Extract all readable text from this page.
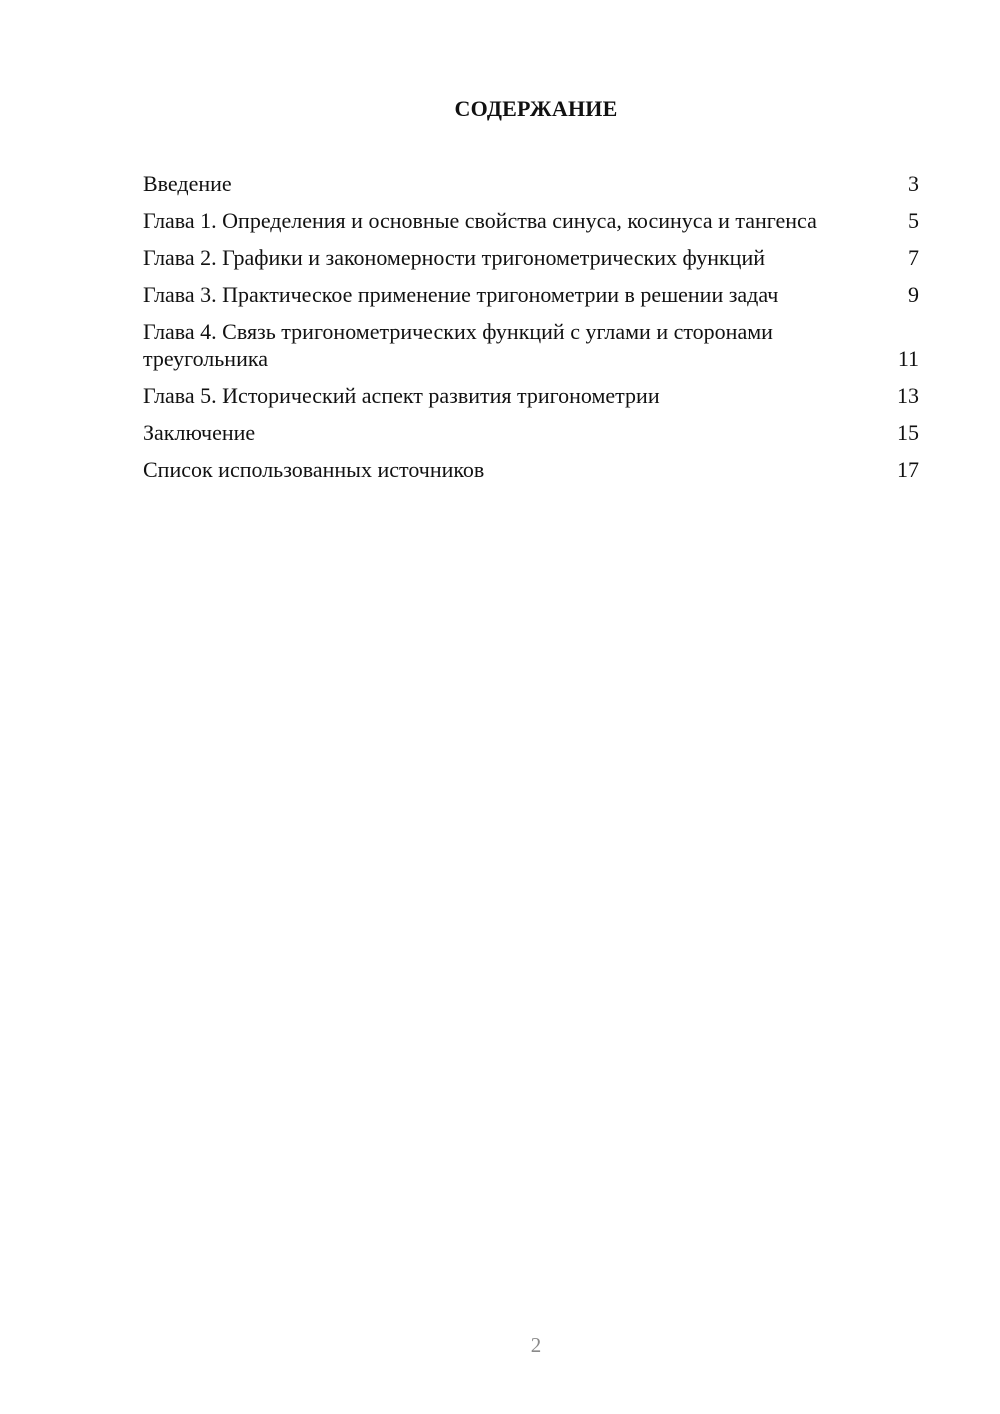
СОДЕРЖАНИЕ
Введение	3
Глава 1. Определения и основные свойства синуса, косинуса и тангенса	5
Глава 2. Графики и закономерности тригонометрических функций	7
Глава 3. Практическое применение тригонометрии в решении задач	9
Глава 4. Связь тригонометрических функций с углами и сторонами треугольника	11
Глава 5. Исторический аспект развития тригонометрии	13
Заключение	15
Список использованных источников	17
2
